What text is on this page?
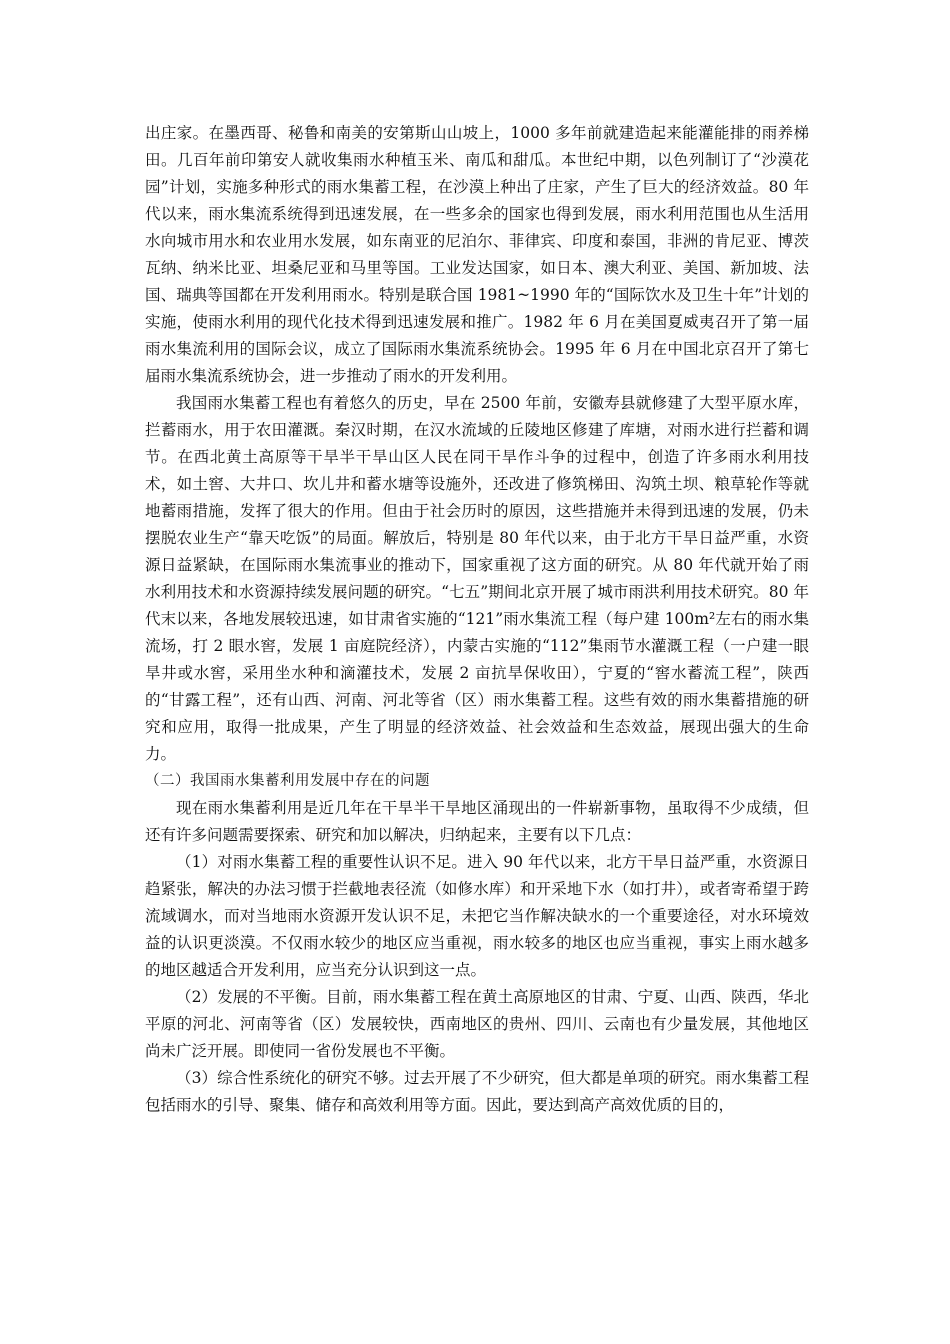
出庄家。在墨西哥、秘鲁和南美的安第斯山山坡上，1000 多年前就建造起来能灌能排的雨养梯田。几百年前印第安人就收集雨水种植玉米、南瓜和甜瓜。本世纪中期，以色列制订了“沙漠花园”计划，实施多种形式的雨水集蓄工程，在沙漠上种出了庄家，产生了巨大的经济效益。80 年代以来，雨水集流系统得到迅速发展，在一些多余的国家也得到发展，雨水利用范围也从生活用水向城市用水和农业用水发展，如东南亚的尼泊尔、菲律宾、印度和泰国，非洲的肯尼亚、博茨瓦纳、纳米比亚、坦桑尼亚和马里等国。工业发达国家，如日本、澳大利亚、美国、新加坡、法国、瑞典等国都在开发利用雨水。特别是联合国 1981~1990 年的“国际饮水及卫生十年”计划的实施，使雨水利用的现代化技术得到迅速发展和推广。1982 年 6 月在美国夏威夷召开了第一届雨水集流利用的国际会议，成立了国际雨水集流系统协会。1995 年 6 月在中国北京召开了第七届雨水集流系统协会，进一步推动了雨水的开发利用。

我国雨水集蓄工程也有着悠久的历史，早在 2500 年前，安徽寿县就修建了大型平原水库，拦蓄雨水，用于农田灌溉。秦汉时期，在汉水流域的丘陵地区修建了库塘，对雨水进行拦蓄和调节。在西北黄土高原等干旱半干旱山区人民在同干旱作斗争的过程中，创造了许多雨水利用技术，如土窖、大井口、坎儿井和蓄水塘等设施外，还改进了修筑梯田、沟筑土坝、粮草轮作等就地蓄雨措施，发挥了很大的作用。但由于社会历时的原因，这些措施并未得到迅速的发展，仍未摆脱农业生产“靠天吃饭”的局面。解放后，特别是 80 年代以来，由于北方干旱日益严重，水资源日益紧缺，在国际雨水集流事业的推动下，国家重视了这方面的研究。从 80 年代就开始了雨水利用技术和水资源持续发展问题的研究。“七五”期间北京开展了城市雨洪利用技术研究。80 年代末以来，各地发展较迅速，如甘肃省实施的“121”雨水集流工程（每户建 100m²左右的雨水集流场，打 2 眼水窖，发展 1 亩庭院经济），内蒙古实施的“112”集雨节水灌溉工程（一户建一眼旱井或水窖，采用坐水种和滴灌技术，发展 2 亩抗旱保收田），宁夏的“窖水蓄流工程”，陕西的“甘露工程”，还有山西、河南、河北等省（区）雨水集蓄工程。这些有效的雨水集蓄措施的研究和应用，取得一批成果，产生了明显的经济效益、社会效益和生态效益，展现出强大的生命力。

（二）我国雨水集蓄利用发展中存在的问题

现在雨水集蓄利用是近几年在干旱半干旱地区涌现出的一件崭新事物，虽取得不少成绩，但还有许多问题需要探索、研究和加以解决，归纳起来，主要有以下几点：

（1）对雨水集蓄工程的重要性认识不足。进入 90 年代以来，北方干旱日益严重，水资源日趋紧张，解决的办法习惯于拦截地表径流（如修水库）和开采地下水（如打井），或者寄希望于跨流域调水，而对当地雨水资源开发认识不足，未把它当作解决缺水的一个重要途径，对水环境效益的认识更淡漠。不仅雨水较少的地区应当重视，雨水较多的地区也应当重视，事实上雨水越多的地区越适合开发利用，应当充分认识到这一点。

（2）发展的不平衡。目前，雨水集蓄工程在黄土高原地区的甘肃、宁夏、山西、陕西，华北平原的河北、河南等省（区）发展较快，西南地区的贵州、四川、云南也有少量发展，其他地区尚未广泛开展。即使同一省份发展也不平衡。

（3）综合性系统化的研究不够。过去开展了不少研究，但大都是单项的研究。雨水集蓄工程包括雨水的引导、聚集、储存和高效利用等方面。因此，要达到高产高效优质的目的，
